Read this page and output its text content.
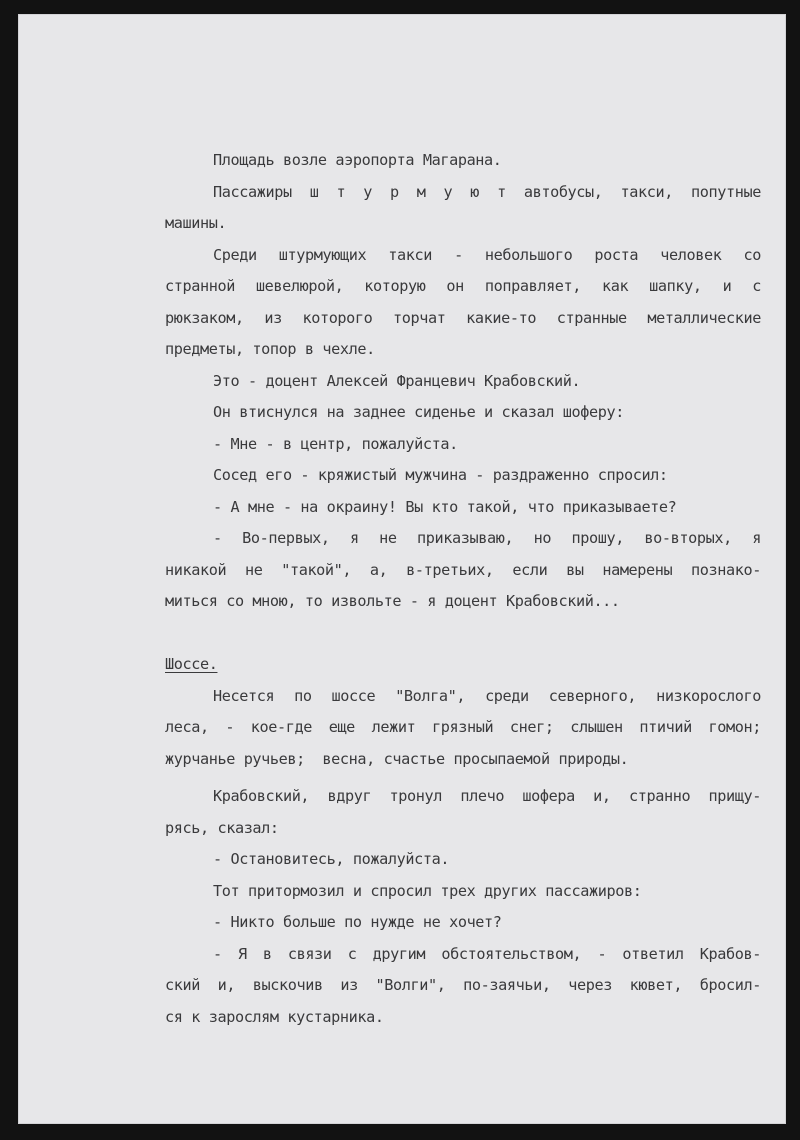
Площадь возле аэропорта Магарана.
Пассажиры ш т у р м у ю т автобусы, такси, попутные
машины.
Среди штурмующих такси - небольшого роста человек со
странной шевелюрой, которую он поправляет, как шапку, и с
рюкзаком, из которого торчат какие-то странные металлические
предметы, топор в чехле.
Это - доцент Алексей Францевич Крабовский.
Он втиснулся на заднее сиденье и сказал шоферу:
- Мне - в центр, пожалуйста.
Сосед его - кряжистый мужчина - раздраженно спросил:
- А мне - на окраину! Вы кто такой, что приказываете?
- Во-первых, я не приказываю, но прошу, во-вторых, я
никакой не "такой", а, в-третьих, если вы намерены познако-
миться со мною, то извольте - я доцент Крабовский...
Шоссе.
Несется по шоссе "Волга", среди северного, низкорослого
леса, - кое-где еще лежит грязный снег; слышен птичий гомон;
журчанье ручьев;  весна, счастье просыпаемой природы.
Крабовский, вдруг тронул плечо шофера и, странно прищу-
рясь, сказал:
- Остановитесь, пожалуйста.
Тот притормозил и спросил трех других пассажиров:
- Никто больше по нужде не хочет?
- Я в связи с другим обстоятельством, - ответил Крабов-
ский и, выскочив из "Волги", по-заячьи, через кювет, бросил-
ся к зарослям кустарника.
